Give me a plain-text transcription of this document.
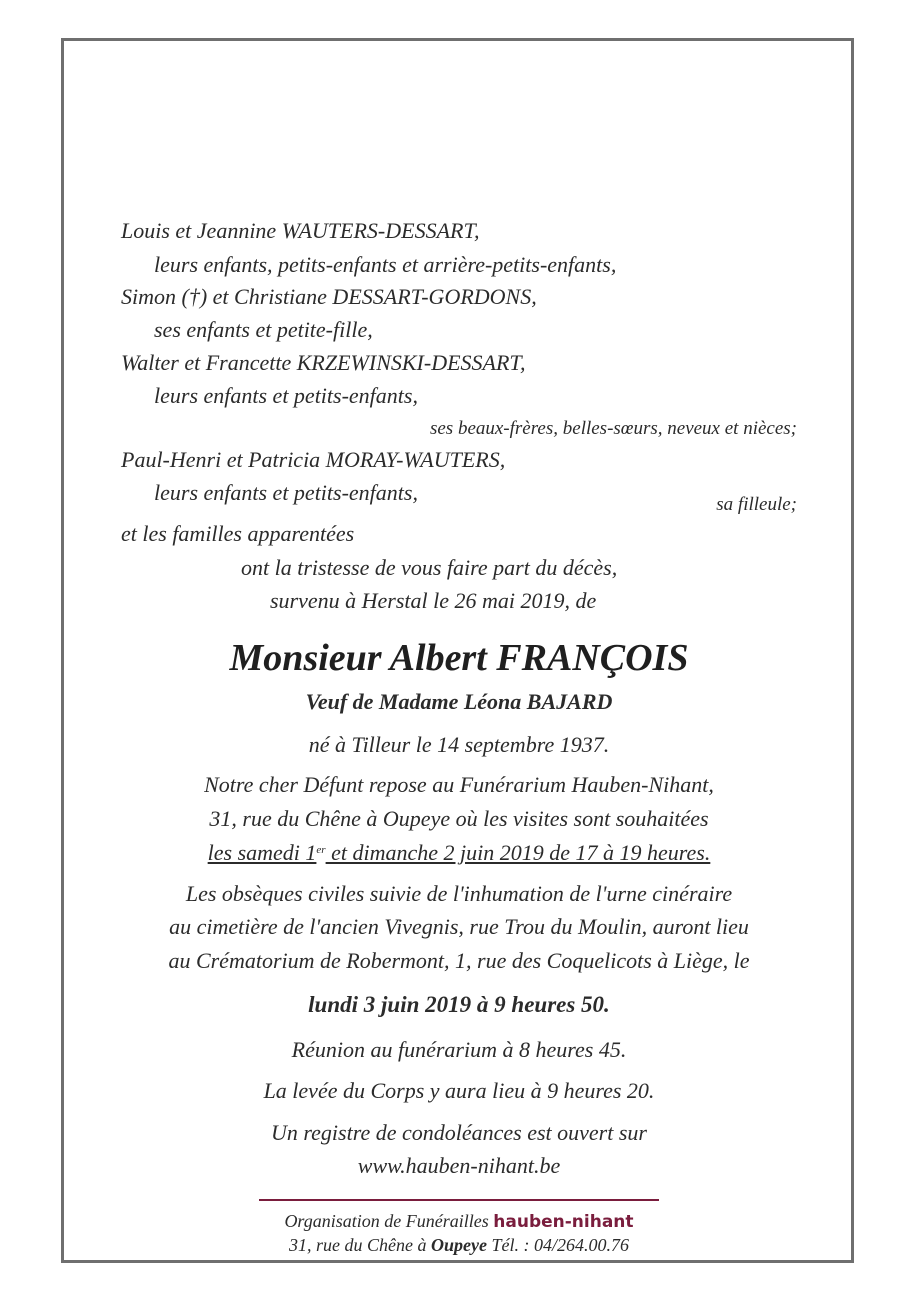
Louis et Jeannine WAUTERS-DESSART,
leurs enfants, petits-enfants et arrière-petits-enfants,
Simon (†) et Christiane DESSART-GORDONS,
ses enfants et petite-fille,
Walter et Francette KRZEWINSKI-DESSART,
leurs enfants et petits-enfants,
ses beaux-frères, belles-sœurs, neveux et nièces;
Paul-Henri et Patricia MORAY-WAUTERS,
leurs enfants et petits-enfants,	sa filleule;
et les familles apparentées
ont la tristesse de vous faire part du décès,
survenu à Herstal le 26 mai 2019, de
Monsieur Albert FRANÇOIS
Veuf de Madame Léona BAJARD
né à Tilleur le 14 septembre 1937.
Notre cher Défunt repose au Funérarium Hauben-Nihant,
31, rue du Chêne à Oupeye où les visites sont souhaitées
les samedi 1er et dimanche 2 juin 2019 de 17 à 19 heures.
Les obsèques civiles suivie de l'inhumation de l'urne cinéraire
au cimetière de l'ancien Vivegnis, rue Trou du Moulin, auront lieu
au Crématorium de Robermont, 1, rue des Coquelicots à Liège, le
lundi 3 juin 2019 à 9 heures 50.
Réunion au funérarium à 8 heures 45.
La levée du Corps y aura lieu à 9 heures 20.
Un registre de condoléances est ouvert sur
www.hauben-nihant.be
Organisation de Funérailles hauben-nihant
31, rue du Chêne à Oupeye Tél. : 04/264.00.76
